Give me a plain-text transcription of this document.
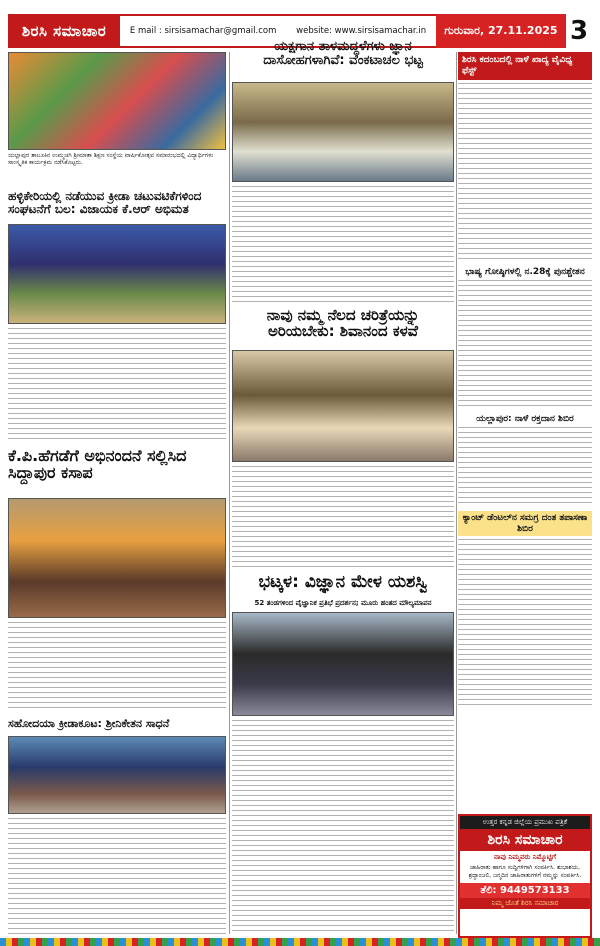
ಶಿರಸಿ ಸಮಾಚಾರ	E mail : sirsisamachar@gmail.com website: www.sirsisamachar.in	ಗುರುವಾರ, 27.11.2025 3
ಯಲ್ಲಾಪುರ ತಾಲೂಕಿನ ಉಮ್ಮಚಗಿ ಶ್ರೀಮಾತಾ ಶಿಕ್ಷಣ ಸಂಸ್ಥೆಯ ವಾರ್ಷಿಕೋತ್ಸವ ಸಮಾರಂಭದಲ್ಲಿ ವಿದ್ಯಾರ್ಥಿಗಳು ಸಾಂಸ್ಕೃತಿಕ ಕಾರ್ಯಕ್ರಮ ನಡೆಸಿಕೊಟ್ಟರು.
ಹಳ್ಳಿಕೇರಿಯಲ್ಲಿ ನಡೆಯುವ ಕ್ರೀಡಾ ಚಟುವಟಿಕೆಗಳಿಂದ ಸಂಘಟನೆಗೆ ಬಲ: ವಿಜಾಯಕ ಕೆ.ಆರ್ ಅಭಿಮತ
ಕೆ.ಪಿ.ಹೆಗಡೆಗೆ ಅಭಿನಂದನೆ ಸಲ್ಲಿಸಿದ ಸಿದ್ದಾಪುರ ಕಸಾಪ
ಸಹೋದಯಾ ಕ್ರೀಡಾಕೂಟ: ಶ್ರೀನಿಕೇತನ ಸಾಧನೆ
ಯಕ್ಷಗಾನ ತಾಳಮದ್ದಳೆಗಳು ಜ್ಞಾನ ದಾಸೋಹಗಳಾಗಿವೆ: ವೆಂಕಟಾಚಲ ಭಟ್ಟ
ನಾವು ನಮ್ಮ ನೆಲದ ಚರಿತ್ರೆಯನ್ನು ಅರಿಯಬೇಕು: ಶಿವಾನಂದ ಕಳವೆ
ಭಟ್ಕಳ: ವಿಜ್ಞಾನ ಮೇಳ ಯಶಸ್ವಿ
52 ತಂಡಗಳಿಂದ ವೈಜ್ಞಾನಿಕ ಪ್ರತಿಭೆ ಪ್ರದರ್ಶನ; ಮೂರು ಹಂತದ ಮೌಲ್ಯಮಾಪನ
ಶಿರಸಿ ಕದಂಬದಲ್ಲಿ ನಾಳೆ ಖಾದ್ಯ ವೈವಿಧ್ಯ ಫೆಸ್ಟ್
ಭಾಷ್ಯ ಗೋಷ್ಠಿಗಳಲ್ಲಿ ನ.28ಕ್ಕೆ ಪುನಶ್ಚೇತನ
ಯಲ್ಲಾಪುರ: ನಾಳೆ ರಕ್ತದಾನ ಶಿಬಿರ
ಕ್ಯಾಂಟ್ ಡೆಂಟಲ್‌ನ ಸಮಗ್ರ ದಂತ ತಪಾಸಣಾ ಶಿಬಿರ
ಉತ್ತರ ಕನ್ನಡ ಜಿಲ್ಲೆಯ ಪ್ರಮುಖ ಪತ್ರಿಕೆ
ಶಿರಸಿ ಸಮಾಚಾರ
ನಾವು ನಿಮ್ಮವರು ನಿಮ್ಮೊಟ್ಟಿಗೆ
ಜಾಹಿರಾತು ಹಾಗೂ ಸುದ್ದಿಗಳಿಗಾಗಿ ಸಂಪರ್ಕಿಸಿ. ಶುಭಾಶಯ, ಶ್ರದ್ಧಾಂಜಲಿ, ಜನ್ಮದಿನ ಜಾಹಿರಾತುಗಳಿಗೆ ನಮ್ಮನ್ನು ಸಂಪರ್ಕಿಸಿ.
ತೆಲಿ: 9449573133
ನಿಮ್ಮ ಜೊತೆ ಶಿರಸಿ ಸಮಾಚಾರ
